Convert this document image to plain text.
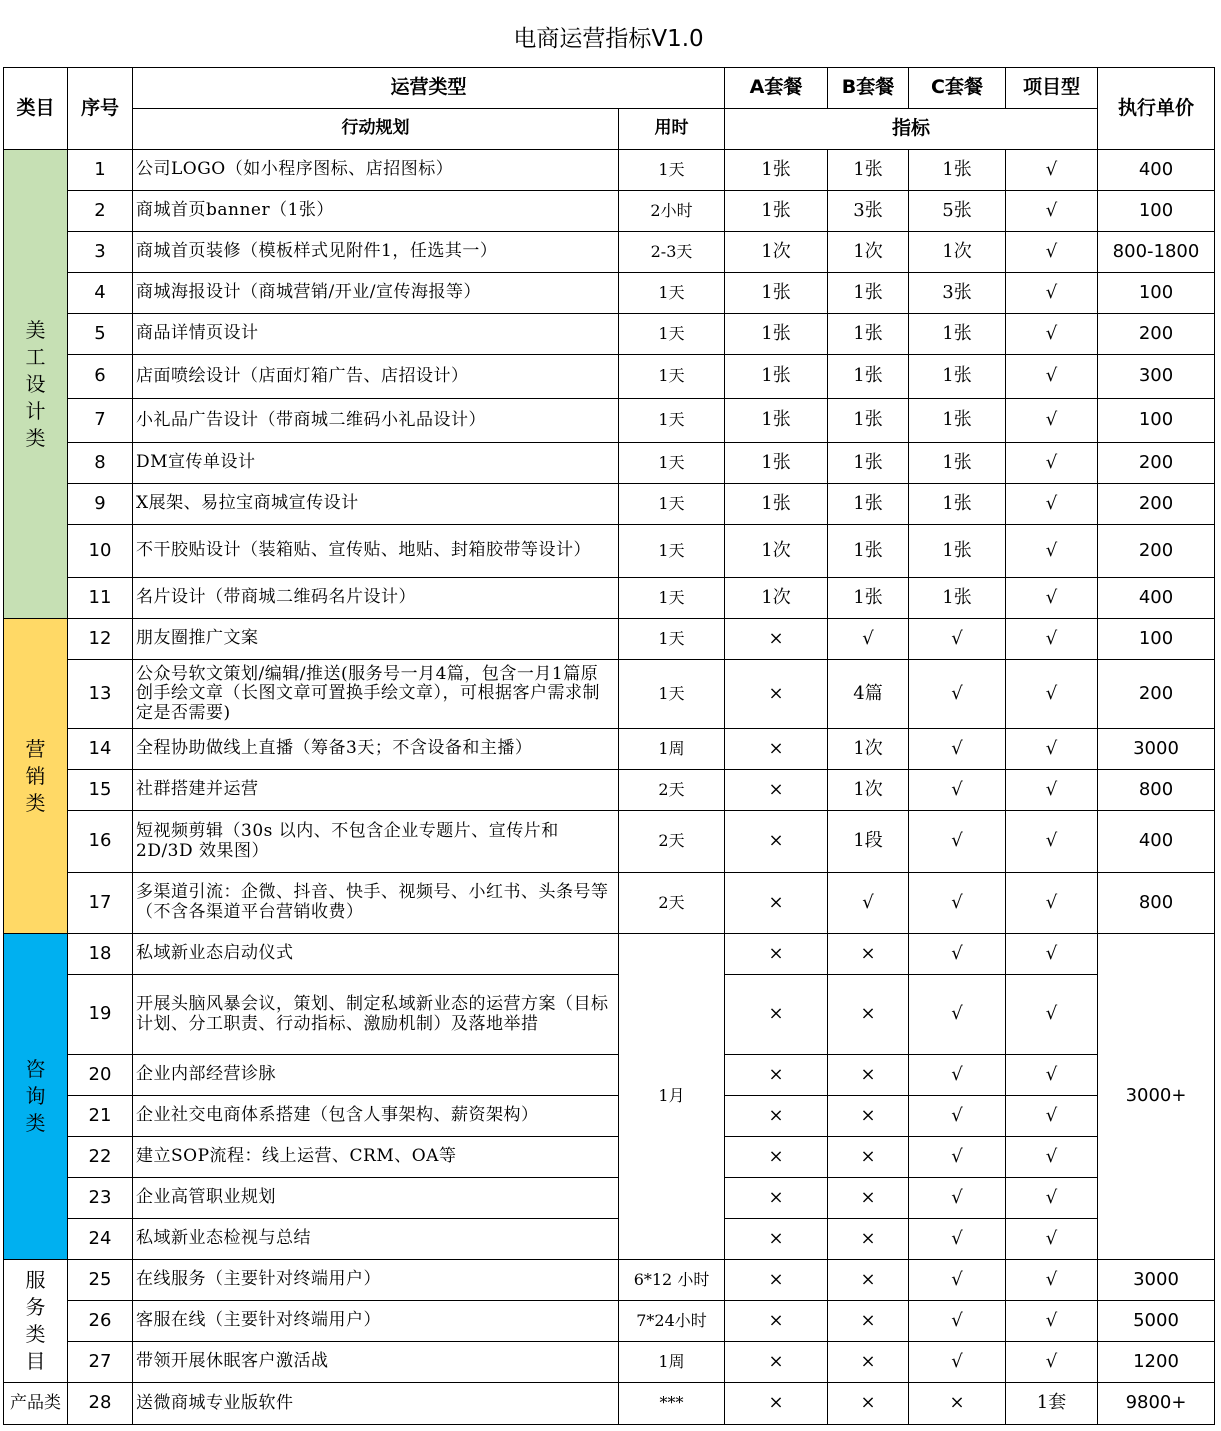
电商运营指标V1.0
类目	序号	运营类型		A套餐	B套餐	C套餐	项目型	执行单价
		行动规划	用时	指标				

美
工
设
计
类	1	公司LOGO（如小程序图标、店招图标）	1天	1张	1张	1张	√	400
	2	商城首页banner（1张）	2小时	1张	3张	5张	√	100
	3	商城首页装修（模板样式见附件1，任选其一）	2-3天	1次	1次	1次	√	800-1800
	4	商城海报设计（商城营销/开业/宣传海报等）	1天	1张	1张	3张	√	100
	5	商品详情页设计	1天	1张	1张	1张	√	200
	6	店面喷绘设计（店面灯箱广告、店招设计）	1天	1张	1张	1张	√	300
	7	小礼品广告设计（带商城二维码小礼品设计）	1天	1张	1张	1张	√	100
	8	DM宣传单设计	1天	1张	1张	1张	√	200
	9	X展架、易拉宝商城宣传设计	1天	1张	1张	1张	√	200
	10	不干胶贴设计（装箱贴、宣传贴、地贴、封箱胶带等设计）	1天	1次	1张	1张	√	200
	11	名片设计（带商城二维码名片设计）	1天	1次	1张	1张	√	400

营
销
类	12	朋友圈推广文案	1天	×	√	√	√	100
	13	公众号软文策划/编辑/推送(服务号一月4篇，包含一月1篇原创手绘文章（长图文章可置换手绘文章），可根据客户需求制定是否需要)	1天	×	4篇	√	√	200
	14	全程协助做线上直播（筹备3天；不含设备和主播）	1周	×	1次	√	√	3000
	15	社群搭建并运营	2天	×	1次	√	√	800
	16	短视频剪辑（30s 以内、不包含企业专题片、宣传片和2D/3D 效果图）	2天	×	1段	√	√	400
	17	多渠道引流：企微、抖音、快手、视频号、小红书、头条号等（不含各渠道平台营销收费）	2天	×	√	√	√	800

咨
询
类	18	私域新业态启动仪式	1月	×	×	√	√	3000+
	19	开展头脑风暴会议，策划、制定私域新业态的运营方案（目标计划、分工职责、行动指标、激励机制）及落地举措		×	×	√	√	
	20	企业内部经营诊脉		×	×	√	√	
	21	企业社交电商体系搭建（包含人事架构、薪资架构）		×	×	√	√	
	22	建立SOP流程：线上运营、CRM、OA等		×	×	√	√	
	23	企业高管职业规划		×	×	√	√	
	24	私域新业态检视与总结		×	×	√	√	

服
务
类
目	25	在线服务（主要针对终端用户）	6*12 小时	×	×	√	√	3000
	26	客服在线（主要针对终端用户）	7*24小时	×	×	√	√	5000
	27	带领开展休眠客户激活战	1周	×	×	√	√	1200
产品类	28	送微商城专业版软件	***	×	×	×	1套	9800+
